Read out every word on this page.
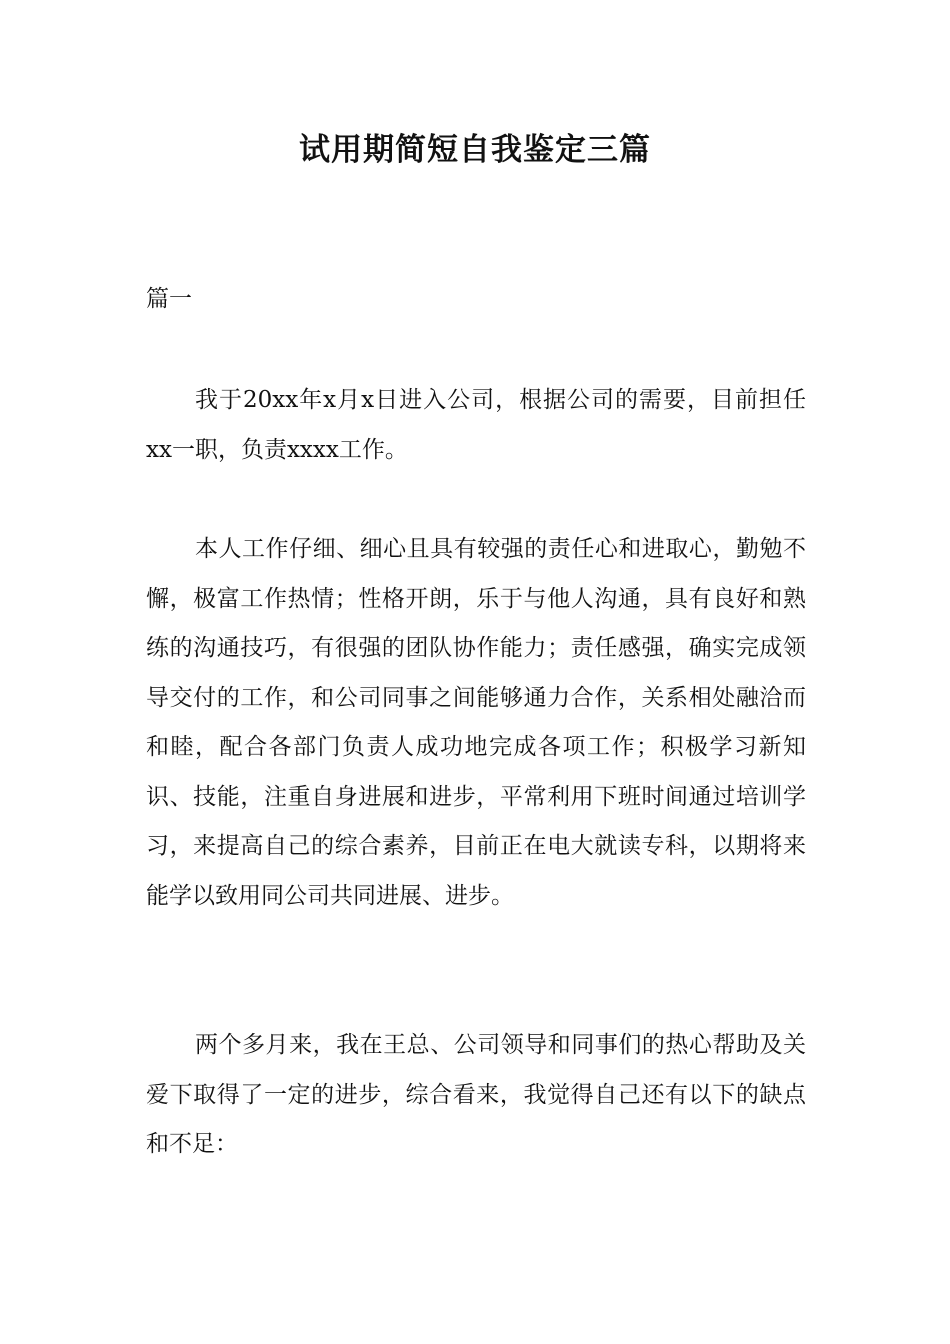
试用期简短自我鉴定三篇

篇一

我于20xx年x月x日进入公司，根据公司的需要，目前担任xx一职，负责xxxx工作。

本人工作仔细、细心且具有较强的责任心和进取心，勤勉不懈，极富工作热情；性格开朗，乐于与他人沟通，具有良好和熟练的沟通技巧，有很强的团队协作能力；责任感强，确实完成领导交付的工作，和公司同事之间能够通力合作，关系相处融洽而和睦，配合各部门负责人成功地完成各项工作；积极学习新知识、技能，注重自身进展和进步，平常利用下班时间通过培训学习，来提高自己的综合素养，目前正在电大就读专科，以期将来能学以致用同公司共同进展、进步。

两个多月来，我在王总、公司领导和同事们的热心帮助及关爱下取得了一定的进步，综合看来，我觉得自己还有以下的缺点和不足：
